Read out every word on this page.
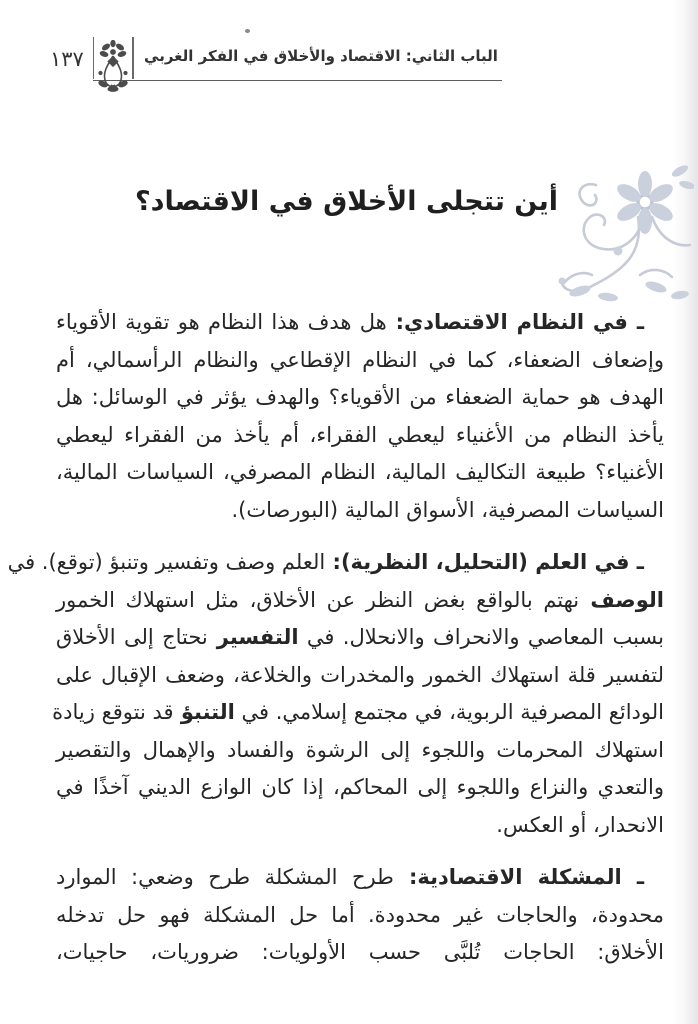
١٣٧	الباب الثاني: الاقتصاد والأخلاق في الفكر الغربي
أين تتجلى الأخلاق في الاقتصاد؟
ـ في النظام الاقتصادي: هل هدف هذا النظام هو تقوية الأقوياء
وإضعاف الضعفاء، كما في النظام الإقطاعي والنظام الرأسمالي، أم
الهدف هو حماية الضعفاء من الأقوياء؟ والهدف يؤثر في الوسائل: هل
يأخذ النظام من الأغنياء ليعطي الفقراء، أم يأخذ من الفقراء ليعطي
الأغنياء؟ طبيعة التكاليف المالية، النظام المصرفي، السياسات المالية،
السياسات المصرفية، الأسواق المالية (البورصات).
ـ في العلم (التحليل، النظرية): العلم وصف وتفسير وتنبؤ (توقع). في
الوصف نهتم بالواقع بغض النظر عن الأخلاق، مثل استهلاك الخمور
بسبب المعاصي والانحراف والانحلال. في التفسير نحتاج إلى الأخلاق
لتفسير قلة استهلاك الخمور والمخدرات والخلاعة، وضعف الإقبال على
الودائع المصرفية الربوية، في مجتمع إسلامي. في التنبؤ قد نتوقع زيادة
استهلاك المحرمات واللجوء إلى الرشوة والفساد والإهمال والتقصير
والتعدي والنزاع واللجوء إلى المحاكم، إذا كان الوازع الديني آخذًا في
الانحدار، أو العكس.
ـ المشكلة الاقتصادية: طرح المشكلة طرح وضعي: الموارد
محدودة، والحاجات غير محدودة. أما حل المشكلة فهو حل تدخله
الأخلاق: الحاجات تُلبَّى حسب الأولويات: ضروريات، حاجيات،
